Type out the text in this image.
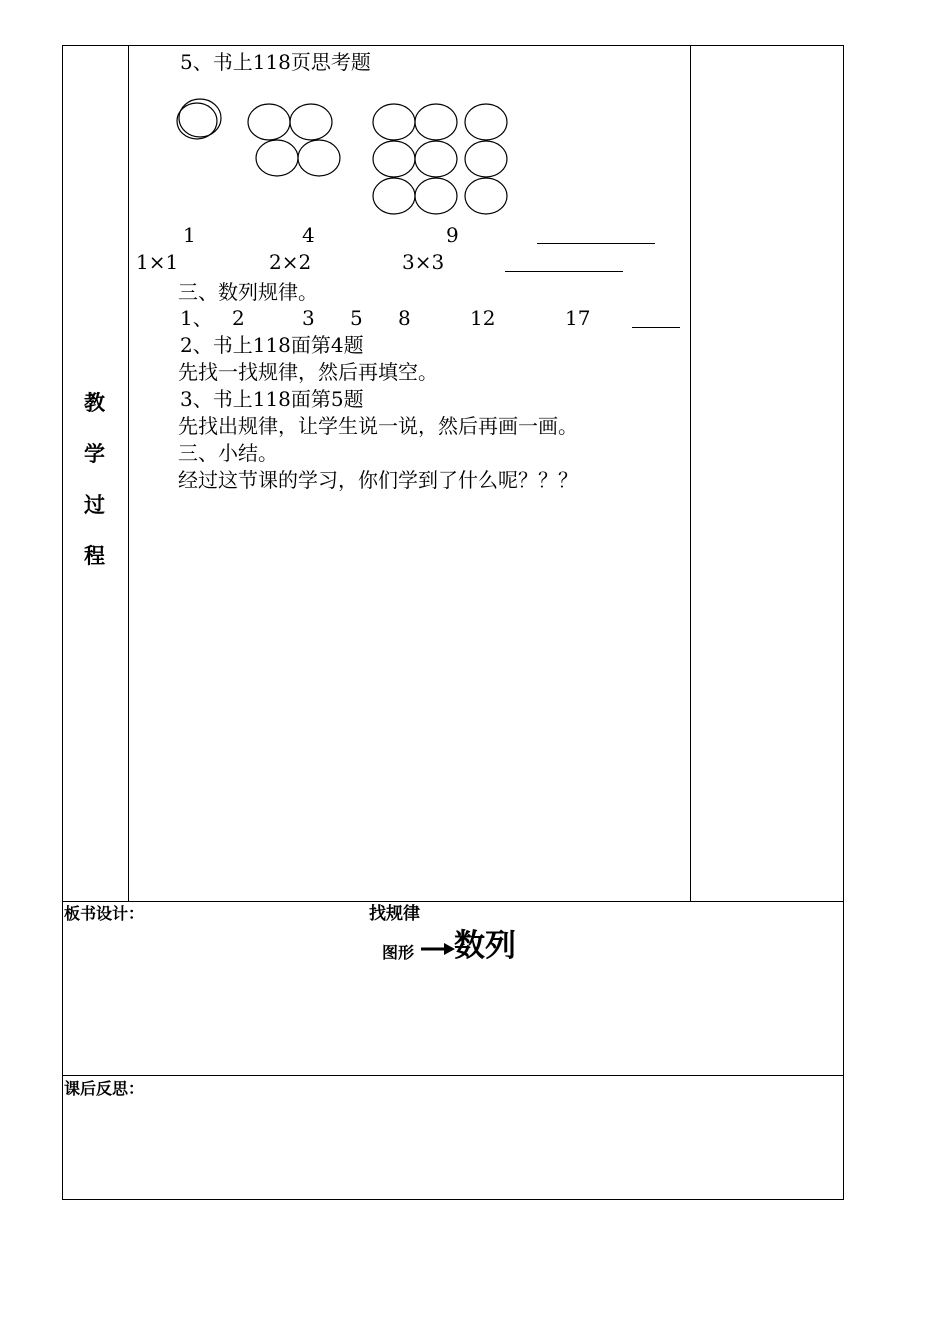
教
学
过
程
5、书上118页思考题
1	4	9
1×1	2×2	3×3
三、数列规律。
1、 2	3 5 8	12	17
2、书上118面第4题
先找一找规律，然后再填空。
3、书上118面第5题
先找出规律，让学生说一说，然后再画一画。
三、小结。
经过这节课的学习，你们学到了什么呢？？？
板书设计：	找规律
图形 数列
课后反思：
